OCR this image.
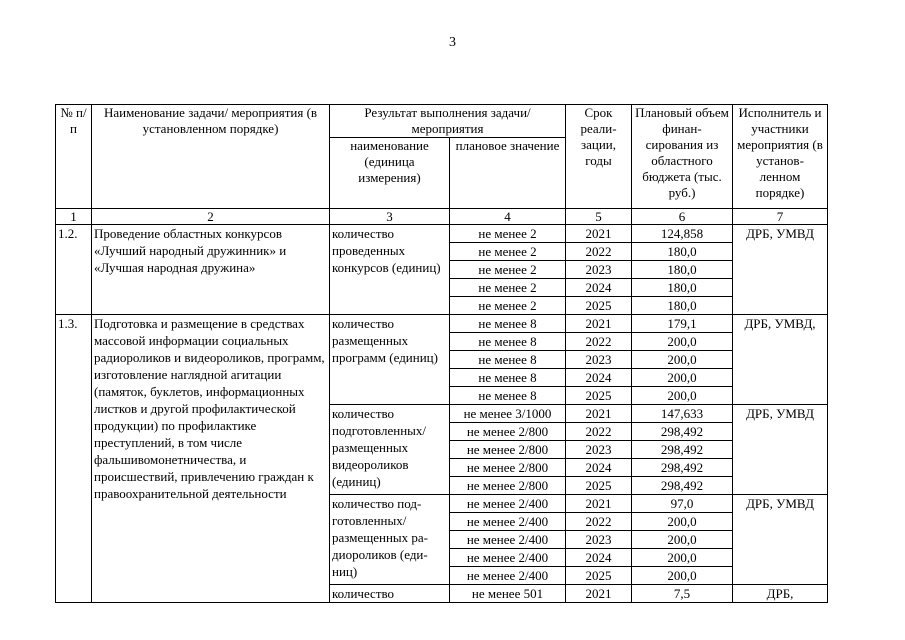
3
№ п/п	Наименование задачи/ мероприятия (в установленном порядке)	Результат выполнения задачи/ мероприятия		Срок реали- зации, годы	Плановый объем финан- сирования из областного бюджета (тыс. руб.)	Исполнитель и участники мероприятия (в установ- ленном порядке)
		наименование (единица измерения)	плановое значение			
1	2	3	4	5	6	7
1.2.	Проведение областных конкурсов «Лучший народный дружинник» и «Лучшая народная дружина»	количество проведенных конкурсов (единиц)	не менее 2	2021	124,858	ДРБ, УМВД
			не менее 2	2022	180,0	
			не менее 2	2023	180,0	
			не менее 2	2024	180,0	
			не менее 2	2025	180,0	
1.3.	Подготовка и размещение в средствах массовой информации социальных радиороликов и видеороликов, программ, изготовление наглядной агитации (памяток, буклетов, информационных листков и другой профилактической продукции) по профилактике преступлений, в том числе фальшивомонетничества, и происшествий, привлечению граждан к правоохранительной деятельности	количество размещенных программ (единиц)	не менее 8	2021	179,1	ДРБ, УМВД,
			не менее 8	2022	200,0	
			не менее 8	2023	200,0	
			не менее 8	2024	200,0	
			не менее 8	2025	200,0	
		количество подготовленных/ размещенных видеороликов (единиц)	не менее 3/1000	2021	147,633	ДРБ, УМВД
			не менее 2/800	2022	298,492	
			не менее 2/800	2023	298,492	
			не менее 2/800	2024	298,492	
			не менее 2/800	2025	298,492	
		количество под- готовленных/ размещенных ра- диороликов (еди- ниц)	не менее 2/400	2021	97,0	ДРБ, УМВД
			не менее 2/400	2022	200,0	
			не менее 2/400	2023	200,0	
			не менее 2/400	2024	200,0	
			не менее 2/400	2025	200,0	
		количество	не менее 501	2021	7,5	ДРБ,
